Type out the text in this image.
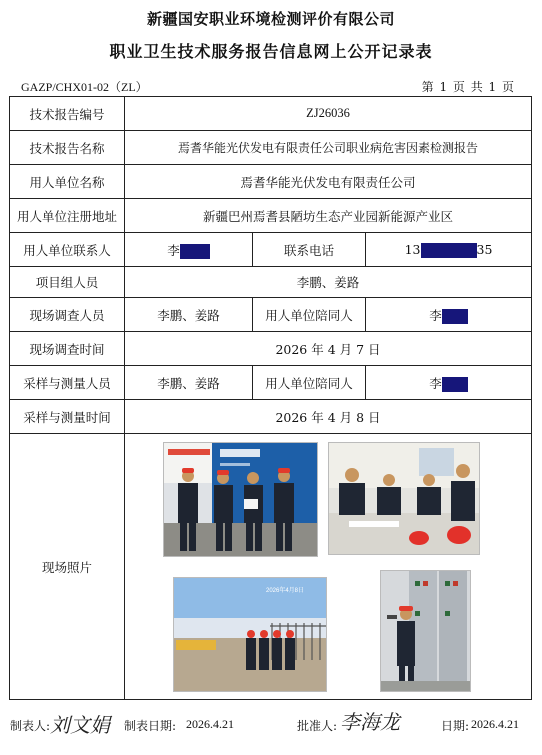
新疆国安职业环境检测评价有限公司
职业卫生技术服务报告信息网上公开记录表
GAZP/CHX01-02（ZL）	第 1 页 共 1 页
技术报告编号	ZJ26036		
技术报告名称	焉耆华能光伏发电有限责任公司职业病危害因素检测报告		
用人单位名称	焉耆华能光伏发电有限责任公司		
用人单位注册地址	新疆巴州焉耆县陋坊生态产业园新能源产业区		
用人单位联系人	李	联系电话	13 35
项目组人员	李鹏、姜路		
现场调查人员	李鹏、姜路	用人单位陪同人	李
现场调查时间	2026 年 4 月 7 日		
采样与测量人员	李鹏、姜路	用人单位陪同人	李
采样与测量时间	2026 年 4 月 8 日		
现场照片	2026年4月8日		
制表人: 刘文娟 制表日期: 2026.4.21	批准人: 李海龙	日期: 2026.4.21
